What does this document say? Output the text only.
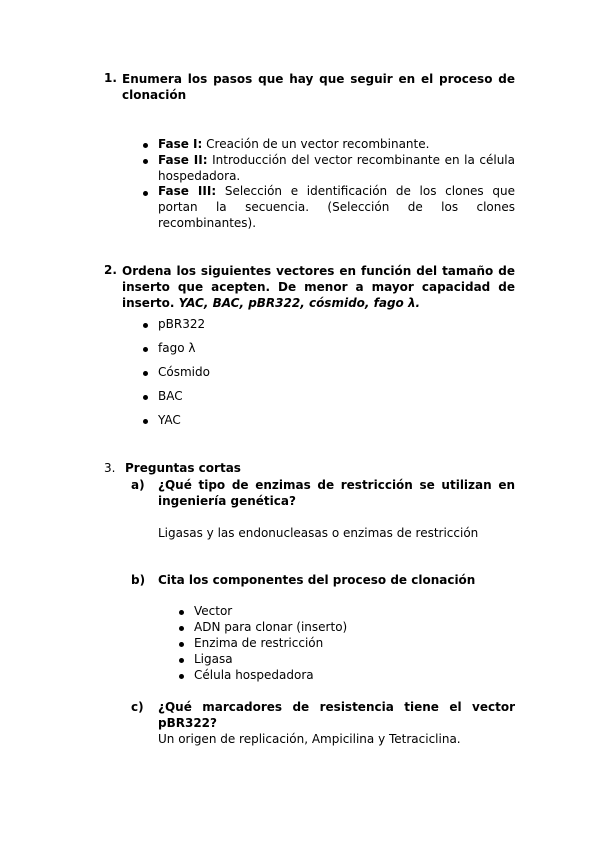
1. Enumera los pasos que hay que seguir en el proceso de clonación
Fase I: Creación de un vector recombinante.
Fase II: Introducción del vector recombinante en la célula hospedadora.
Fase III: Selección e identificación de los clones que portan la secuencia. (Selección de los clones recombinantes).
2. Ordena los siguientes vectores en función del tamaño de inserto que acepten. De menor a mayor capacidad de inserto. YAC, BAC, pBR322, cósmido, fago λ.
pBR322
fago λ
Cósmido
BAC
YAC
3. Preguntas cortas
a) ¿Qué tipo de enzimas de restricción se utilizan en ingeniería genética?
Ligasas y las endonucleasas o enzimas de restricción
b) Cita los componentes del proceso de clonación
Vector
ADN para clonar (inserto)
Enzima de restricción
Ligasa
Célula hospedadora
c) ¿Qué marcadores de resistencia tiene el vector pBR322?
Un origen de replicación, Ampicilina y Tetraciclina.
